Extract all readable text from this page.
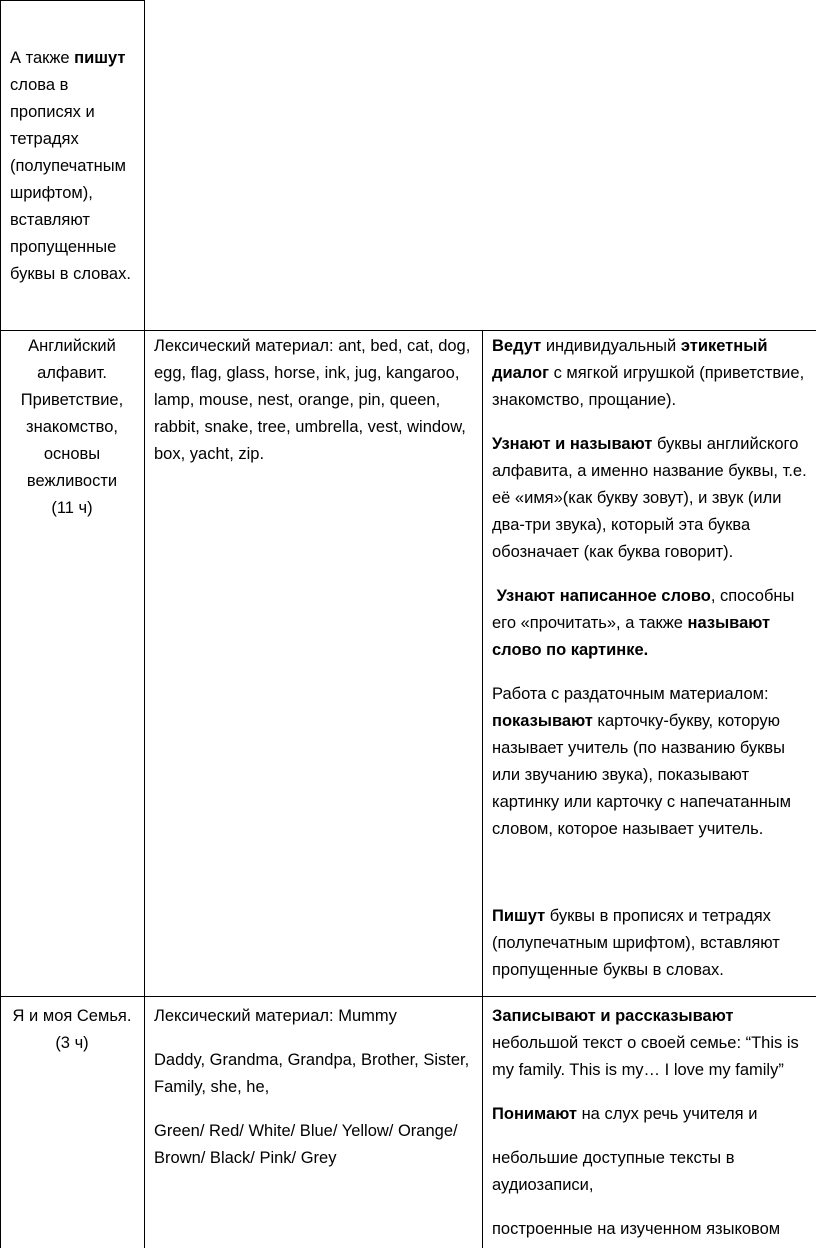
А также пишут слова в прописях и тетрадях (полупечатным шрифтом), вставляют пропущенные буквы в словах.

Английский алфавит. Приветствие, знакомство, основы вежливости

(11 ч)

Лексический материал: ant, bed, cat, dog, egg, flag, glass, horse, ink, jug, kangaroo, lamp, mouse, nest, orange, pin, queen, rabbit, snake, tree, umbrella, vest, window, box, yacht, zip.

Ведут индивидуальный этикетный
диалог с мягкой игрушкой (приветствие,
знакомство, прощание).

Узнают и называют буквы английского
алфавита, а именно название буквы, т.е.
её «имя»(как букву зовут), и звук (или
два-три звука), который эта буква
обозначает (как буква говорит).

Узнают написанное слово, способны
его «прочитать», а также называют
слово по картинке.

Работа с раздаточным материалом:
показывают карточку-букву, которую
называет учитель (по названию буквы
или звучанию звука), показывают
картинку или карточку с напечатанным
словом, которое называет учитель.

Пишут буквы в прописях и тетрадях
(полупечатным шрифтом), вставляют
пропущенные буквы в словах.

Я и моя Семья.

(3 ч)

Лексический материал: Mummy

Daddy, Grandma, Grandpa, Brother, Sister, Family, she, he,

Green/ Red/ White/ Blue/ Yellow/ Orange/ Brown/ Black/ Pink/ Grey

Записывают и рассказывают
небольшой текст о своей семье: “This is
my family. This is my… I love my family”

Понимают на слух речь учителя и

небольшие доступные тексты в аудиозаписи,

построенные на изученном языковом
